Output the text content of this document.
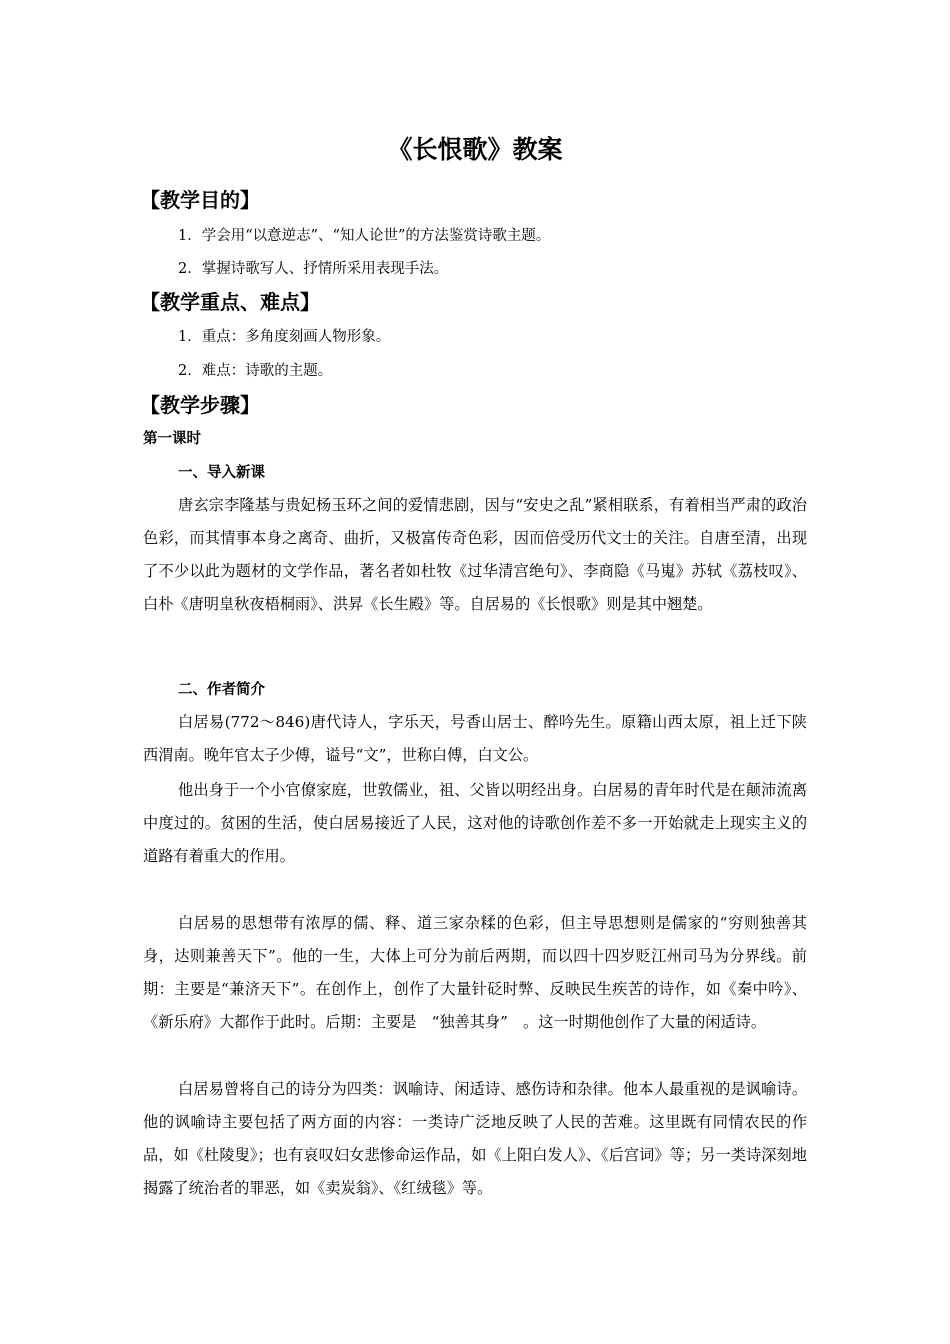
《长恨歌》教案
【教学目的】
1．学会用“以意逆志”、“知人论世”的方法鉴赏诗歌主题。
2．掌握诗歌写人、抒情所采用表现手法。
【教学重点、难点】
1．重点：多角度刻画人物形象。
2．难点：诗歌的主题。
【教学步骤】
第一课时
一、导入新课

唐玄宗李隆基与贵妃杨玉环之间的爱情悲剧，因与“安史之乱”紧相联系，有着相当严肃的政治色彩，而其情事本身之离奇、曲折，又极富传奇色彩，因而倍受历代文士的关注。自唐至清，出现了不少以此为题材的文学作品，著名者如杜牧《过华清宫绝句》、李商隐《马嵬》苏轼《荔枝叹》、白朴《唐明皇秋夜梧桐雨》、洪昇《长生殿》等。自居易的《长恨歌》则是其中翘楚。

二、作者简介

白居易(772～846)唐代诗人，字乐天，号香山居士、醉吟先生。原籍山西太原，祖上迁下陕西渭南。晚年官太子少傅，谥号“文”，世称白傅，白文公。

他出身于一个小官僚家庭，世敦儒业，祖、父皆以明经出身。白居易的青年时代是在颠沛流离中度过的。贫困的生活，使白居易接近了人民，这对他的诗歌创作差不多一开始就走上现实主义的道路有着重大的作用。

白居易的思想带有浓厚的儒、释、道三家杂糅的色彩，但主导思想则是儒家的“穷则独善其身，达则兼善天下”。他的一生，大体上可分为前后两期，而以四十四岁贬江州司马为分界线。前期：主要是“兼济天下”。在创作上，创作了大量针砭时弊、反映民生疾苦的诗作，如《秦中吟》、《新乐府》大都作于此时。后期：主要是　“独善其身”　。这一时期他创作了大量的闲适诗。

白居易曾将自己的诗分为四类：讽喻诗、闲适诗、感伤诗和杂律。他本人最重视的是讽喻诗。他的讽喻诗主要包括了两方面的内容：一类诗广泛地反映了人民的苦难。这里既有同情农民的作品，如《杜陵叟》；也有哀叹妇女悲惨命运作品，如《上阳白发人》、《后宫词》等；另一类诗深刻地揭露了统治者的罪恶，如《卖炭翁》、《红绒毯》等。
